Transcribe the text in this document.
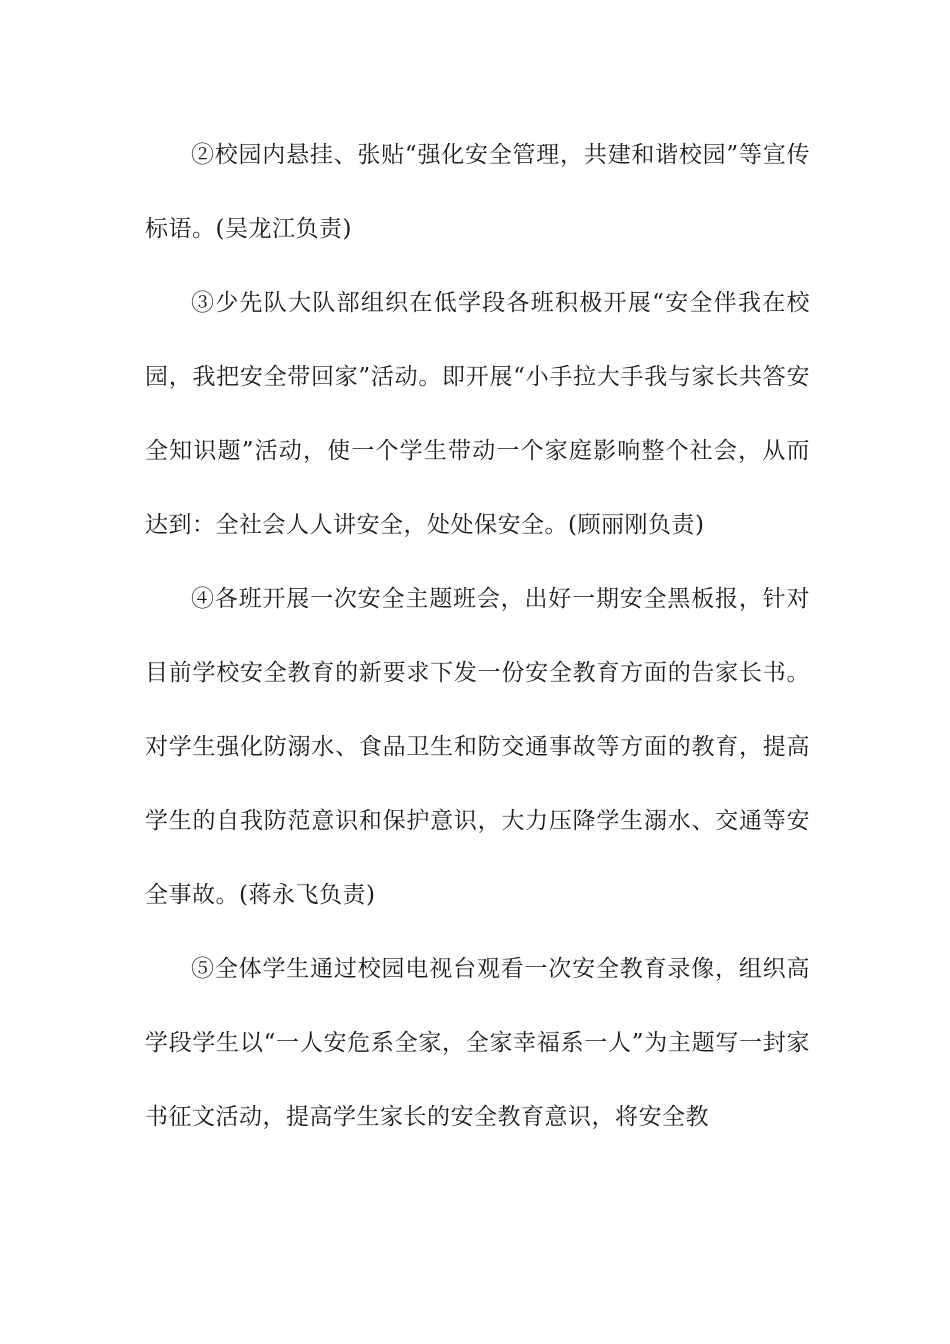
②校园内悬挂、张贴“强化安全管理，共建和谐校园”等宣传标语。(吴龙江负责)

③少先队大队部组织在低学段各班积极开展“安全伴我在校园，我把安全带回家”活动。即开展“小手拉大手我与家长共答安全知识题”活动，使一个学生带动一个家庭影响整个社会，从而达到：全社会人人讲安全，处处保安全。(顾丽刚负责)

④各班开展一次安全主题班会，出好一期安全黑板报，针对目前学校安全教育的新要求下发一份安全教育方面的告家长书。对学生强化防溺水、食品卫生和防交通事故等方面的教育，提高学生的自我防范意识和保护意识，大力压降学生溺水、交通等安全事故。(蒋永飞负责)

⑤全体学生通过校园电视台观看一次安全教育录像，组织高学段学生以“一人安危系全家，全家幸福系一人”为主题写一封家书征文活动，提高学生家长的安全教育意识，将安全教
